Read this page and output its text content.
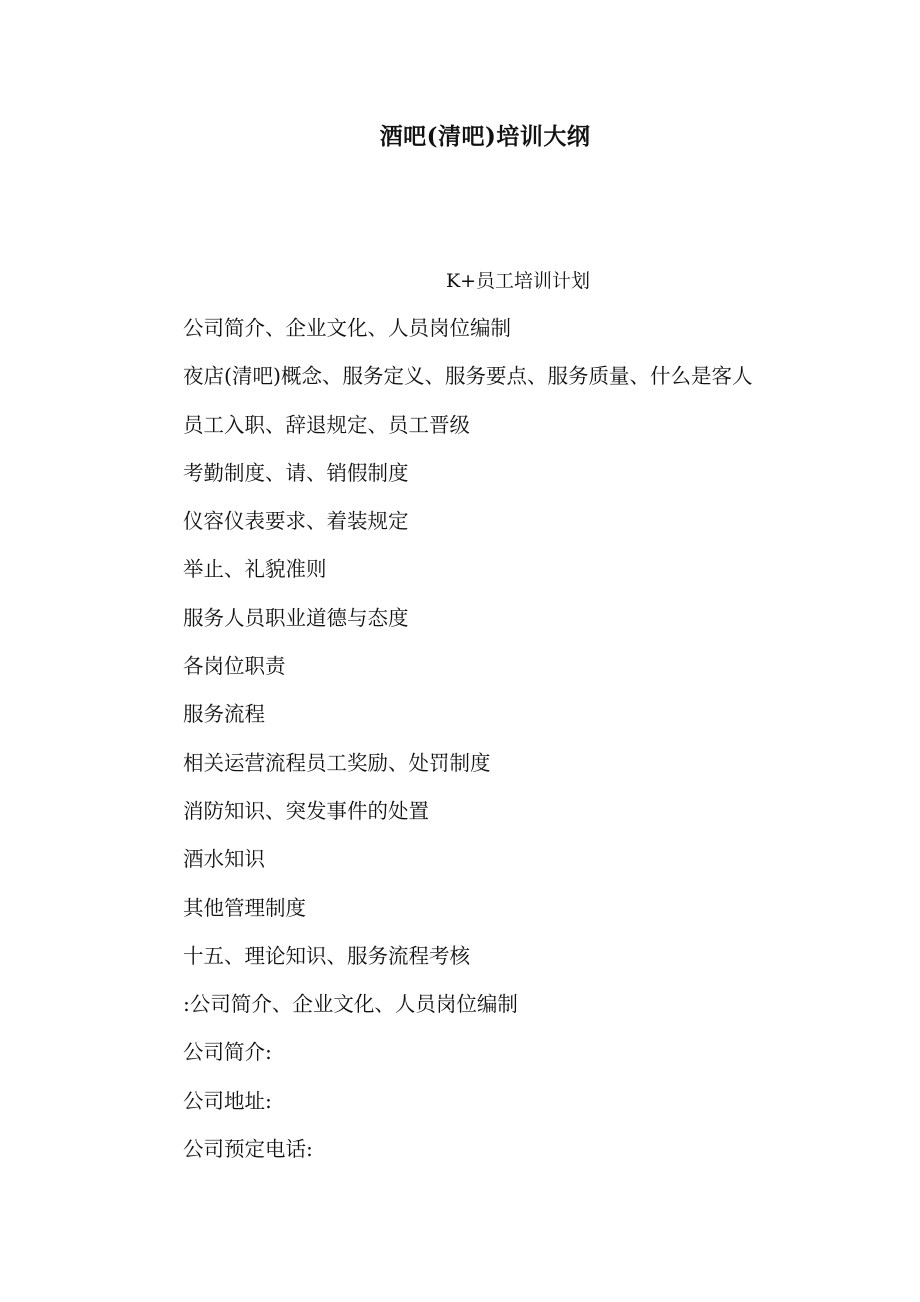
酒吧(清吧)培训大纲
K+员工培训计划
公司简介、企业文化、人员岗位编制
夜店(清吧)概念、服务定义、服务要点、服务质量、什么是客人
员工入职、辞退规定、员工晋级
考勤制度、请、销假制度
仪容仪表要求、着装规定
举止、礼貌准则
服务人员职业道德与态度
各岗位职责
服务流程
相关运营流程员工奖励、处罚制度
消防知识、突发事件的处置
酒水知识
其他管理制度
十五、理论知识、服务流程考核
:公司简介、企业文化、人员岗位编制
公司简介:
公司地址:
公司预定电话:
